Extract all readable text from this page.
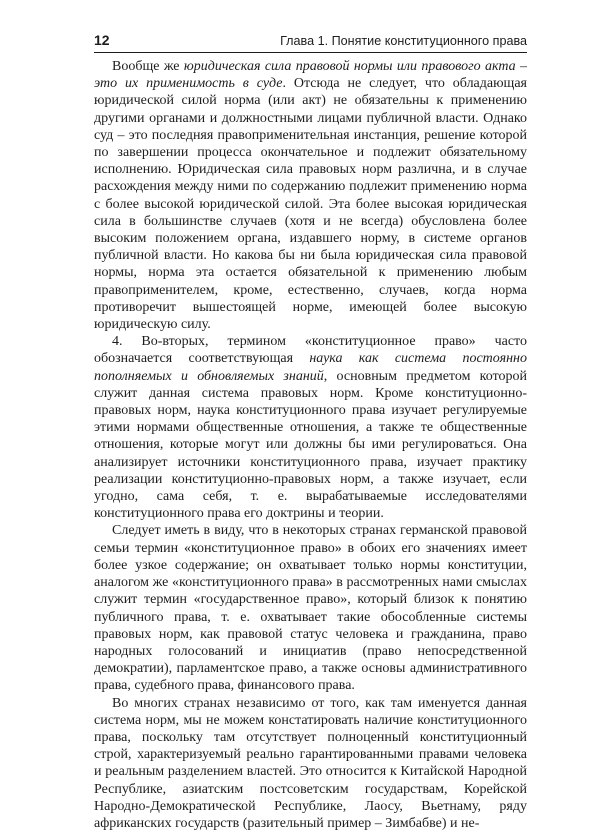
12	Глава 1. Понятие конституционного права

Вообще же юридическая сила правовой нормы или правового акта – это их применимость в суде. Отсюда не следует, что обладающая юридической силой норма (или акт) не обязательны к применению другими органами и должностными лицами публичной власти. Однако суд – это последняя правоприменительная инстанция, решение которой по завершении процесса окончательное и подлежит обязательному исполнению. Юридическая сила правовых норм различна, и в случае расхождения между ними по содержанию подлежит применению норма с более высокой юридической силой. Эта более высокая юридическая сила в большинстве случаев (хотя и не всегда) обусловлена более высоким положением органа, издавшего норму, в системе органов публичной власти. Но какова бы ни была юридическая сила правовой нормы, норма эта остается обязательной к применению любым правоприменителем, кроме, естественно, случаев, когда норма противоречит вышестоящей норме, имеющей более высокую юридическую силу.

4. Во-вторых, термином «конституционное право» часто обозначается соответствующая наука как система постоянно пополняемых и обновляемых знаний, основным предметом которой служит данная система правовых норм. Кроме конституционно-правовых норм, наука конституционного права изучает регулируемые этими нормами общественные отношения, а также те общественные отношения, которые могут или должны бы ими регулироваться. Она анализирует источники конституционного права, изучает практику реализации конституционно-правовых норм, а также изучает, если угодно, сама себя, т. е. вырабатываемые исследователями конституционного права его доктрины и теории.

Следует иметь в виду, что в некоторых странах германской правовой семьи термин «конституционное право» в обоих его значениях имеет более узкое содержание; он охватывает только нормы конституции, аналогом же «конституционного права» в рассмотренных нами смыслах служит термин «государственное право», который близок к понятию публичного права, т. е. охватывает такие обособленные системы правовых норм, как правовой статус человека и гражданина, право народных голосований и инициатив (право непосредственной демократии), парламентское право, а также основы административного права, судебного права, финансового права.

Во многих странах независимо от того, как там именуется данная система норм, мы не можем констатировать наличие конституционного права, поскольку там отсутствует полноценный конституционный строй, характеризуемый реально гарантированными правами человека и реальным разделением властей. Это относится к Китайской Народной Республике, азиатским постсоветским государствам, Корейской Народно-Демократической Республике, Лаосу, Вьетнаму, ряду африканских государств (разительный пример – Зимбабве) и не-
